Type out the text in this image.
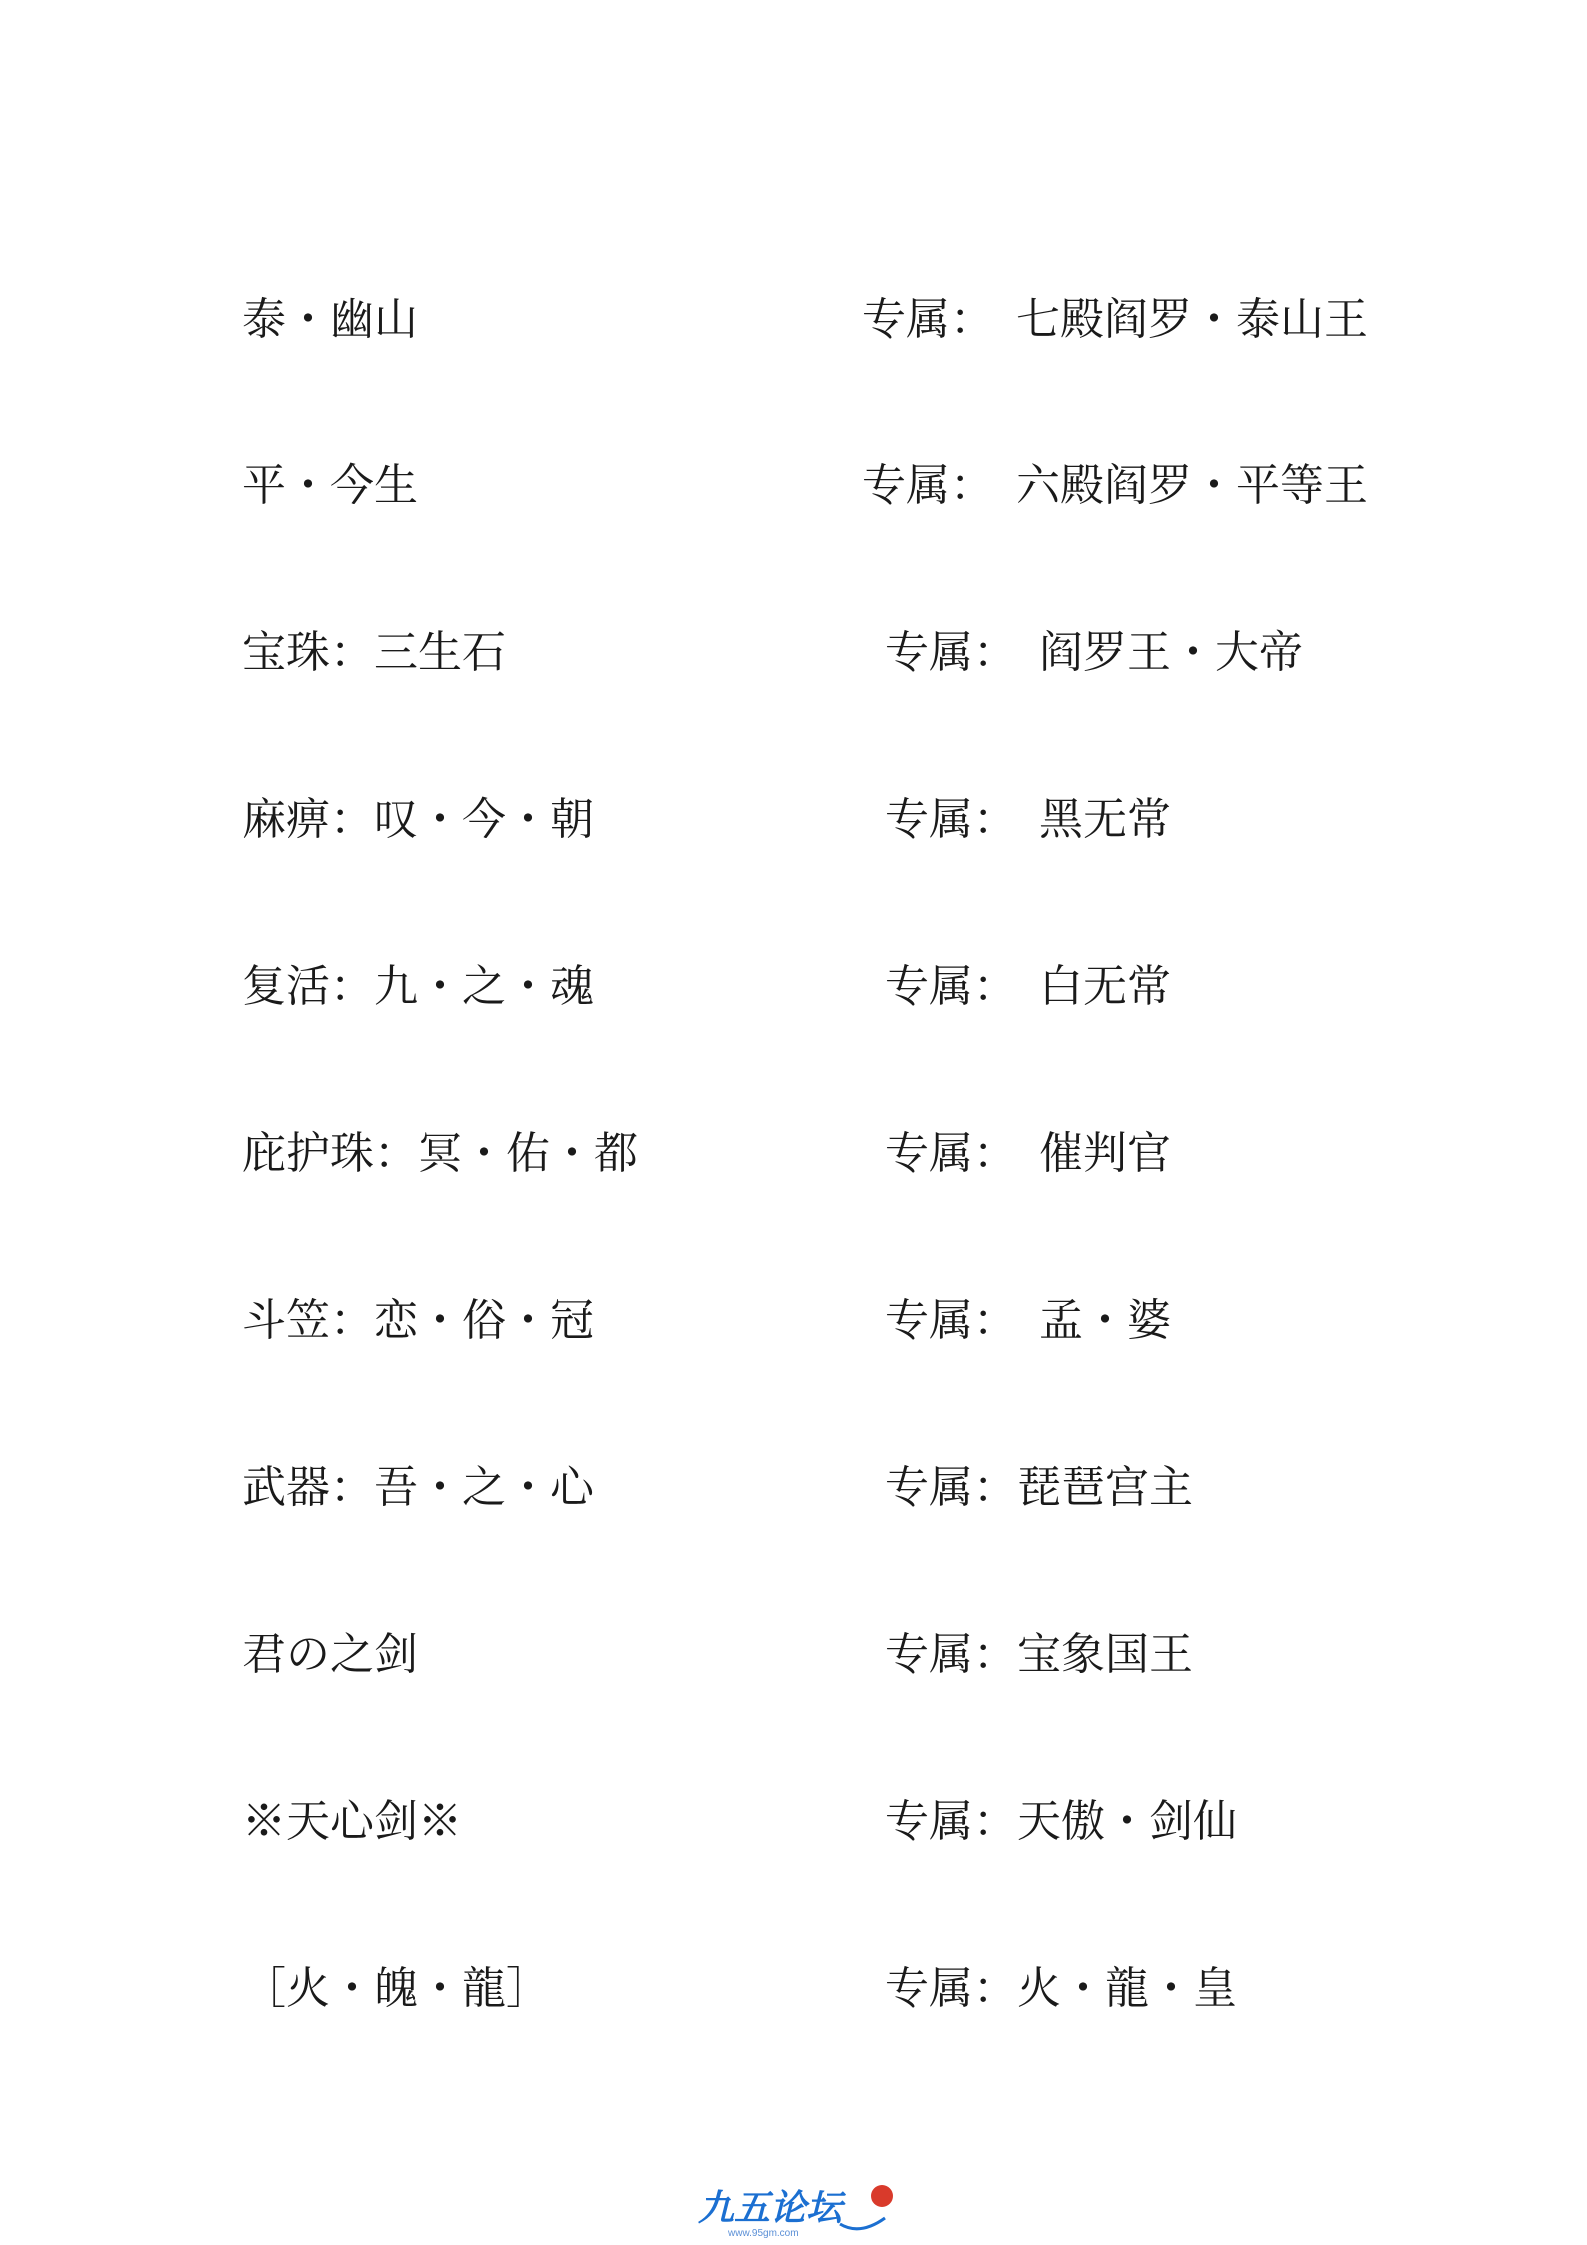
泰・幽山	专属：　七殿阎罗・泰山王
平・今生	专属：　六殿阎罗・平等王
宝珠：三生石	专属：　阎罗王・大帝
麻痹：叹・今・朝	专属：　黑无常
复活：九・之・魂	专属：　白无常
庇护珠：冥・佑・都	专属：　催判官
斗笠：恋・俗・冠	专属：　孟・婆
武器：吾・之・心	专属：琵琶宫主
君の之剑	专属：宝象国王
※天心剑※	专属：天傲・剑仙
［火・魄・龍］	专属：火・龍・皇
九五论坛
www.95gm.com
